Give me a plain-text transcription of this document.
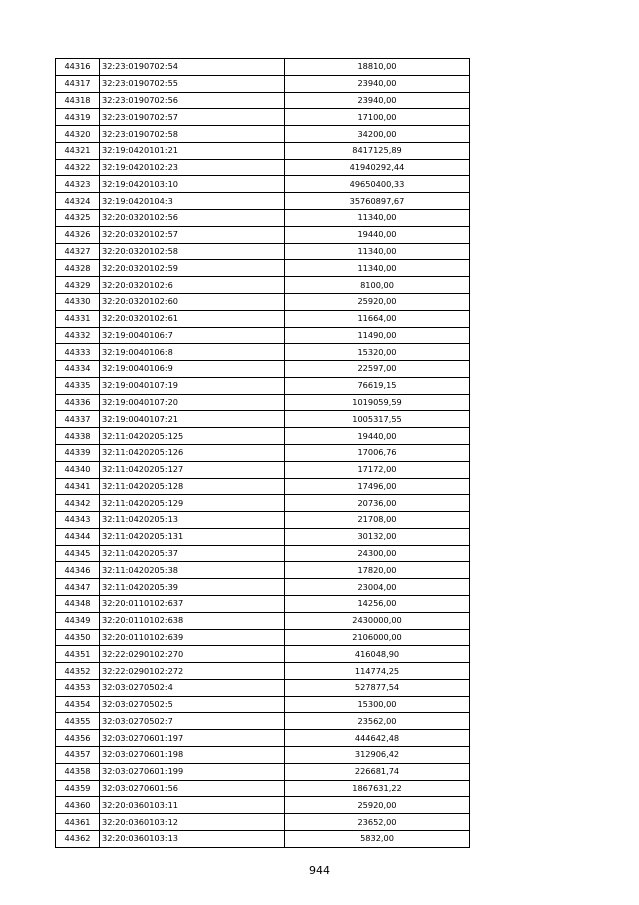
44316	32:23:0190702:54	18810,00
44317	32:23:0190702:55	23940,00
44318	32:23:0190702:56	23940,00
44319	32:23:0190702:57	17100,00
44320	32:23:0190702:58	34200,00
44321	32:19:0420101:21	8417125,89
44322	32:19:0420102:23	41940292,44
44323	32:19:0420103:10	49650400,33
44324	32:19:0420104:3	35760897,67
44325	32:20:0320102:56	11340,00
44326	32:20:0320102:57	19440,00
44327	32:20:0320102:58	11340,00
44328	32:20:0320102:59	11340,00
44329	32:20:0320102:6	8100,00
44330	32:20:0320102:60	25920,00
44331	32:20:0320102:61	11664,00
44332	32:19:0040106:7	11490,00
44333	32:19:0040106:8	15320,00
44334	32:19:0040106:9	22597,00
44335	32:19:0040107:19	76619,15
44336	32:19:0040107:20	1019059,59
44337	32:19:0040107:21	1005317,55
44338	32:11:0420205:125	19440,00
44339	32:11:0420205:126	17006,76
44340	32:11:0420205:127	17172,00
44341	32:11:0420205:128	17496,00
44342	32:11:0420205:129	20736,00
44343	32:11:0420205:13	21708,00
44344	32:11:0420205:131	30132,00
44345	32:11:0420205:37	24300,00
44346	32:11:0420205:38	17820,00
44347	32:11:0420205:39	23004,00
44348	32:20:0110102:637	14256,00
44349	32:20:0110102:638	2430000,00
44350	32:20:0110102:639	2106000,00
44351	32:22:0290102:270	416048,90
44352	32:22:0290102:272	114774,25
44353	32:03:0270502:4	527877,54
44354	32:03:0270502:5	15300,00
44355	32:03:0270502:7	23562,00
44356	32:03:0270601:197	444642,48
44357	32:03:0270601:198	312906,42
44358	32:03:0270601:199	226681,74
44359	32:03:0270601:56	1867631,22
44360	32:20:0360103:11	25920,00
44361	32:20:0360103:12	23652,00
44362	32:20:0360103:13	5832,00
944
